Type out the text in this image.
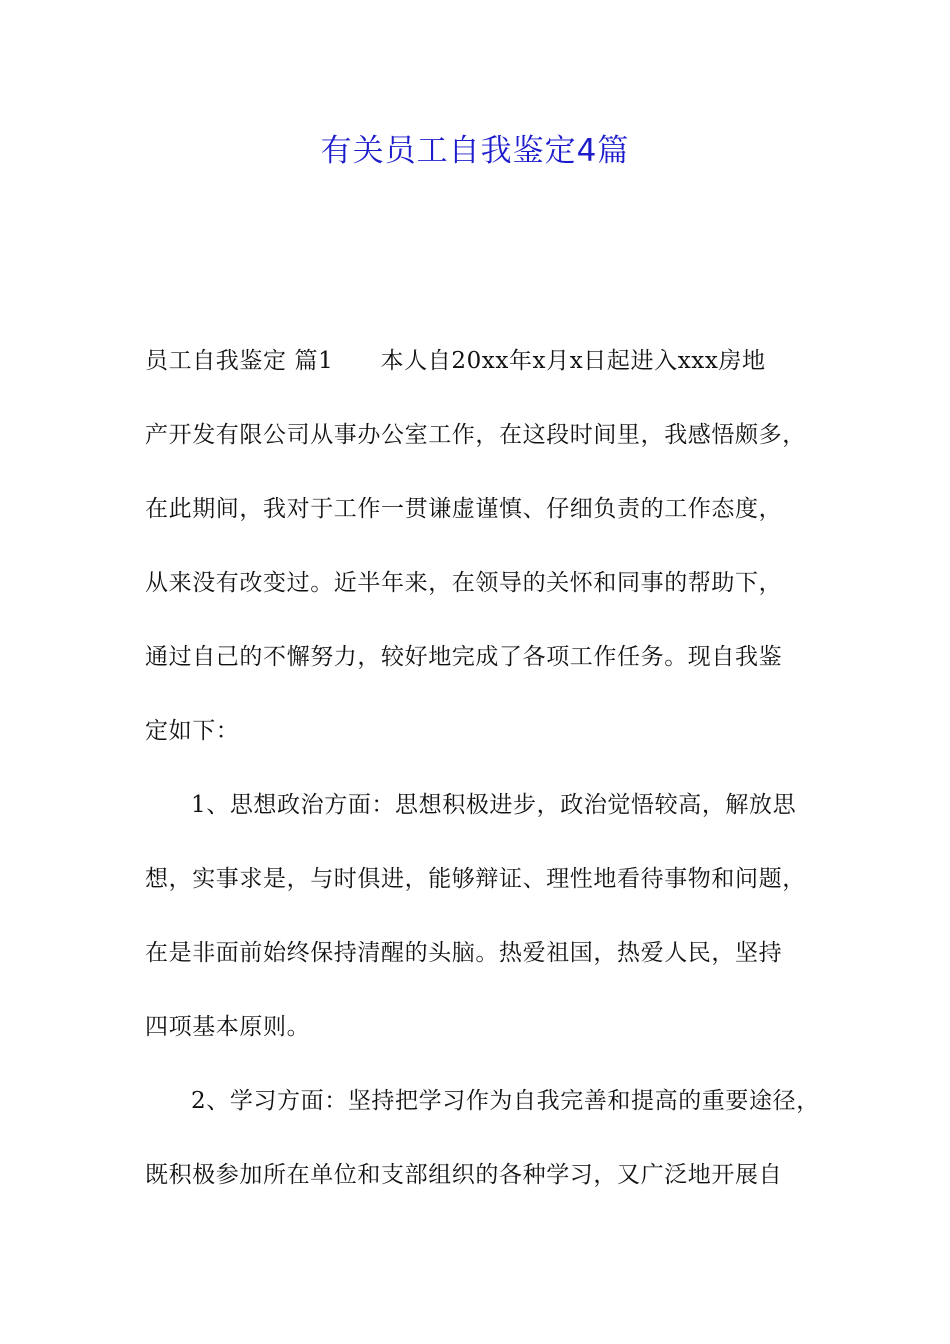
有关员工自我鉴定4篇

员工自我鉴定 篇1　　本人自20xx年x月x日起进入xxx房地

产开发有限公司从事办公室工作，在这段时间里，我感悟颇多，

在此期间，我对于工作一贯谦虚谨慎、仔细负责的工作态度，

从来没有改变过。近半年来，在领导的关怀和同事的帮助下，

通过自己的不懈努力，较好地完成了各项工作任务。现自我鉴

定如下：

1、思想政治方面：思想积极进步，政治觉悟较高，解放思

想，实事求是，与时俱进，能够辩证、理性地看待事物和问题，

在是非面前始终保持清醒的头脑。热爱祖国，热爱人民，坚持

四项基本原则。

2、学习方面：坚持把学习作为自我完善和提高的重要途径，

既积极参加所在单位和支部组织的各种学习，又广泛地开展自
